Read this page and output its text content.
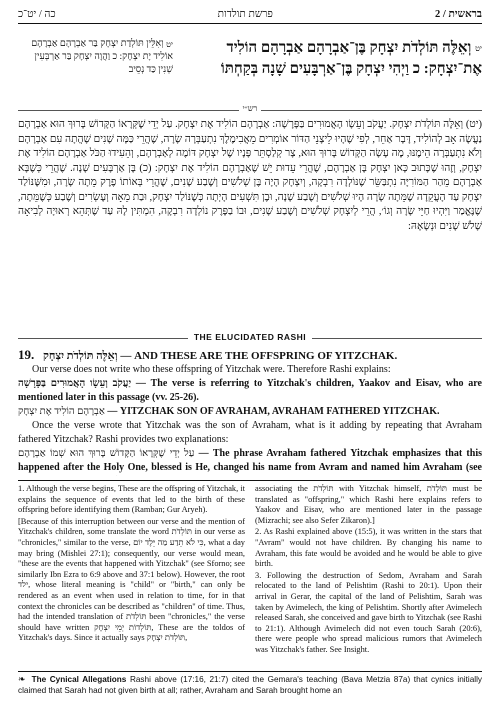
כה / יט־כ	פרשת תולדות	2 / בראשית
$^{יט}$ וְאִלֵּין תּוֹלְדַת יִצְחָק בַּר אַבְרָהָם אַבְרָהָם אוֹלִיד יָת יִצְחָק: כ וַהֲוָה יִצְחָק בַּר אַרְבְּעִין שְׁנִין כַּד נְסֵיב
$^{יט}$ וְאֵלֶּה תּוֹלְדֹת יִצְחָק בֶּן־אַבְרָהָם אַבְרָהָם הוֹלִיד אֶת־יִצְחָק: כ וַיְהִי יִצְחָק בֶּן־אַרְבָּעִים שָׁנָה בְּקַחְתּוֹ
רש״י
(יט) וְאֵלֶּה תּוֹלְדֹת יִצְחָק. יַעֲקֹב וְעֵשָׂו הָאֲמוּרִים בַּפָּרָשָׁה: אַבְרָהָם הוֹלִיד אֶת יִצְחָק. עַל יְדֵי שֶׁקְּרָאוֹ הַקָּדוֹשׁ בָּרוּךְ הוּא אַבְרָהָם נַעֲשָׂה אָב לְהוֹלִיד, דָּבָר אַחֵר, לְפִי שֶׁהָיוּ לֵיצָנֵי הַדּוֹר אוֹמְרִים מֵאֲבִימֶלֶךְ נִתְעַבְּרָה שָׂרָה, שֶׁהֲרֵי כַּמָּה שָׁנִים שָׁהֲתָה עִם אַבְרָהָם וְלֹא נִתְעַבְּרָה הֵימֶנּוּ, מֶה עָשָׂה הַקָּדוֹשׁ בָּרוּךְ הוּא, צָר קְלַסְתֵּר פָּנָיו שֶׁל יִצְחָק דּוֹמֶה לְאַבְרָהָם, וְהֵעִידוּ הַכֹּל אַבְרָהָם הוֹלִיד אֶת יִצְחָק, וְזֶהוּ שֶׁכָּתוּב כָּאן יִצְחָק בֶּן אַבְרָהָם, שֶׁהֲרֵי עֵדוּת יֵשׁ שֶׁאַבְרָהָם הוֹלִיד אֶת יִצְחָק: (כ) בֶּן אַרְבָּעִים שָׁנָה. שֶׁהֲרֵי כְּשֶׁבָּא אַבְרָהָם מֵהַר הַמּוֹרִיָּה נִתְבַּשֵּׂר שֶׁנּוֹלְדָה רִבְקָה, וְיִצְחָק הָיָה בֶּן שְׁלֹשִׁים וְשֶׁבַע שָׁנִים, שֶׁהֲרֵי בְּאוֹתוֹ פֶרֶק מֵתָה שָׂרָה, וּמִשֶּׁנּוֹלַד יִצְחָק עַד הָעֲקֵדָה שֶׁמֵּתָה שָׂרָה הָיוּ שְׁלֹשִׁים וְשֶׁבַע שָׁנָה, וּבֶן תִּשְׁעִים הָיְתָה כְּשֶׁנּוֹלַד יִצְחָק, וּבַת מֵאָה וְעֶשְׂרִים וְשֶׁבַע כְּשֶׁמֵּתָה, שֶׁנֶּאֱמַר וַיִּהְיוּ חַיֵּי שָׂרָה וְגוֹ׳, הֲרֵי לְיִצְחָק שְׁלֹשִׁים וְשֶׁבַע שָׁנִים, וּבוֹ בַפֶּרֶק נוֹלְדָה רִבְקָה, הִמְתִּין לָהּ עַד שֶׁתְּהֵא רְאוּיָה לְבִיאָה שָׁלֹשׁ שָׁנִים וּנְשָׂאָהּ:
THE ELUCIDATED RASHI

19. וְאֵלֶּה תּוֹלְדֹת יִצְחָק — AND THESE ARE THE OFFSPRING OF YITZCHAK.

Our verse does not write who these offspring of Yitzchak were. Therefore Rashi explains:

יַעֲקֹב וְעֵשָׂו הָאֲמוּרִים בַּפָּרָשָׁה — The verse is referring to Yitzchak's children, Yaakov and Eisav, who are mentioned later in this passage (vv. 25-26).

אַבְרָהָם הוֹלִיד אֶת יִצְחָק — YITZCHAK SON OF AVRAHAM, AVRAHAM FATHERED YITZCHAK.

Once the verse wrote that Yitzchak was the son of Avraham, what is it adding by repeating that Avraham fathered Yitzchak? Rashi provides two explanations:

עַל יְדֵי שֶׁקְּרָאוֹ הַקָּדוֹשׁ בָּרוּךְ הוּא שְׁמוֹ אַבְרָהָם — The phrase Avraham fathered Yitzchak emphasizes that this happened after the Holy One, blessed is He, changed his name from Avram and named him Avraham (see

1. Although the verse begins, These are the offspring of Yitzchak, it explains the sequence of events that led to the birth of these offspring before identifying them (Ramban; Gur Aryeh).

[Because of this interruption between our verse and the mention of Yitzchak's children, some translate the word תּוֹלְדֹת in our verse as "chronicles," similar to the verse, כִּי לֹא תֵדַע מַה יֵּלֶד יוֹם, what a day may bring (Mishlei 27:1); consequently, our verse would mean, "these are the events that happened with Yitzchak" (see Sforno; see similarly Ibn Ezra to 6:9 above and 37:1 below). However, the root ילד, whose literal meaning is "child" or "birth," can only be rendered as an event when used in relation to time, for in that context the chronicles can be described as "children" of time. Thus, had the intended translation of תּוֹלְדֹת been "chronicles," the verse should have written תּוֹלְדוֹת יְמֵי יִצְחָק, These are the toldos of Yitzchak's days. Since it actually says תּוֹלְדֹת יִצְחָק,

associating the תּוֹלְדֹת with Yitzchak himself, תּוֹלְדֹת must be translated as "offspring," which Rashi here explains refers to Yaakov and Eisav, who are mentioned later in the passage (Mizrachi; see also Sefer Zikaron).]

2. As Rashi explained above (15:5), it was written in the stars that "Avram" would not have children. By changing his name to Avraham, this fate would be avoided and he would be able to give birth.

3. Following the destruction of Sedom, Avraham and Sarah relocated to the land of Pelishtim (Rashi to 20:1). Upon their arrival in Gerar, the capital of the land of Pelishtim, Sarah was taken by Avimelech, the king of Pelishtim. Shortly after Avimelech released Sarah, she conceived and gave birth to Yitzchak (see Rashi to 21:1). Although Avimelech did not even touch Sarah (20:6), there were people who spread malicious rumors that Avimelech was Yitzchak's father. See Insight.

❧ The Cynical Allegations Rashi above (17:16, 21:7) cited the Gemara's teaching (Bava Metzia 87a) that cynics initially claimed that Sarah had not given birth at all; rather, Avraham and Sarah brought home an
